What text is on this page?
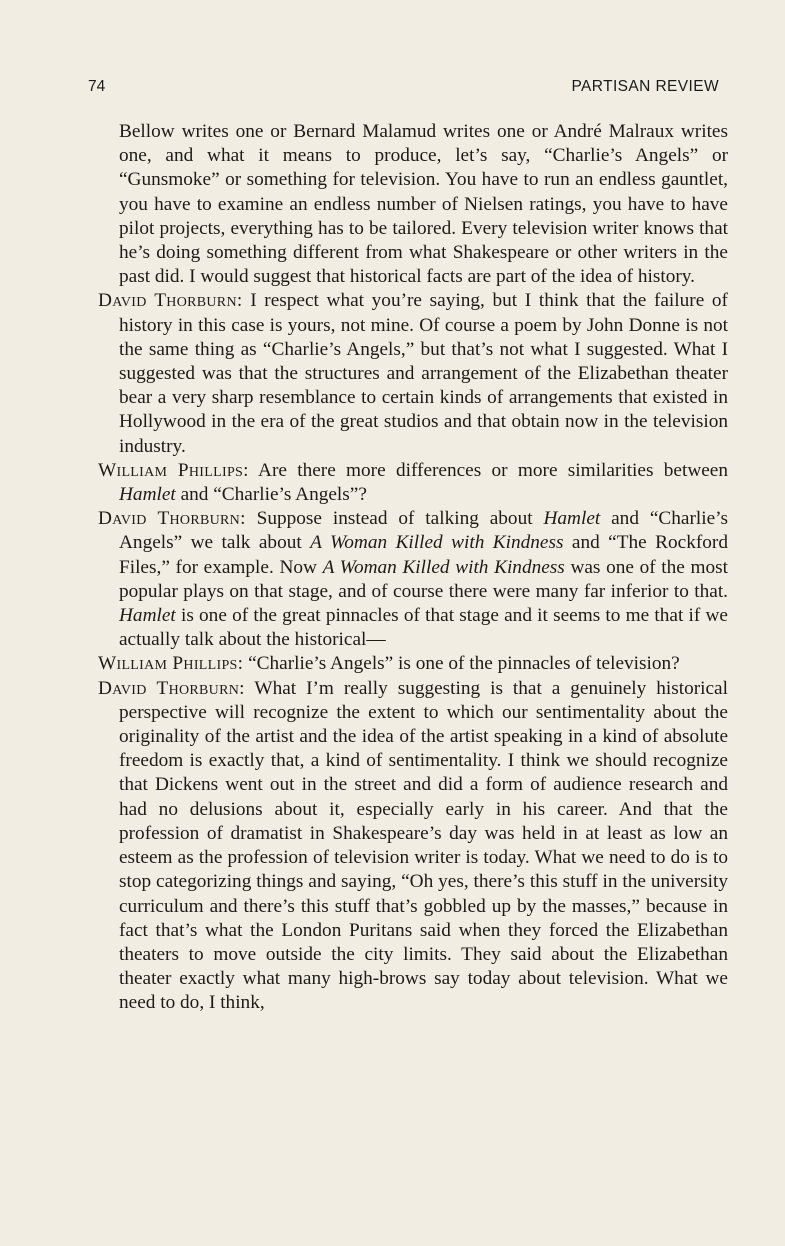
74	PARTISAN REVIEW

Bellow writes one or Bernard Malamud writes one or André Malraux writes one, and what it means to produce, let’s say, “Charlie’s Angels” or “Gunsmoke” or something for television. You have to run an endless gauntlet, you have to examine an endless number of Nielsen ratings, you have to have pilot projects, everything has to be tailored. Every television writer knows that he’s doing something different from what Shakespeare or other writers in the past did. I would suggest that historical facts are part of the idea of history.

David Thorburn: I respect what you’re saying, but I think that the failure of history in this case is yours, not mine. Of course a poem by John Donne is not the same thing as “Charlie’s Angels,” but that’s not what I suggested. What I suggested was that the structures and arrangement of the Elizabethan theater bear a very sharp resemblance to certain kinds of arrangements that existed in Hollywood in the era of the great studios and that obtain now in the television industry.

William Phillips: Are there more differences or more similarities between Hamlet and “Charlie’s Angels”?

David Thorburn: Suppose instead of talking about Hamlet and “Charlie’s Angels” we talk about A Woman Killed with Kindness and “The Rockford Files,” for example. Now A Woman Killed with Kindness was one of the most popular plays on that stage, and of course there were many far inferior to that. Hamlet is one of the great pinnacles of that stage and it seems to me that if we actually talk about the historical—

William Phillips: “Charlie’s Angels” is one of the pinnacles of television?

David Thorburn: What I’m really suggesting is that a genuinely historical perspective will recognize the extent to which our sentimentality about the originality of the artist and the idea of the artist speaking in a kind of absolute freedom is exactly that, a kind of sentimentality. I think we should recognize that Dickens went out in the street and did a form of audience research and had no delusions about it, especially early in his career. And that the profession of dramatist in Shakespeare’s day was held in at least as low an esteem as the profession of television writer is today. What we need to do is to stop categorizing things and saying, “Oh yes, there’s this stuff in the university curriculum and there’s this stuff that’s gobbled up by the masses,” because in fact that’s what the London Puritans said when they forced the Elizabethan theaters to move outside the city limits. They said about the Elizabethan theater exactly what many high-brows say today about television. What we need to do, I think,
